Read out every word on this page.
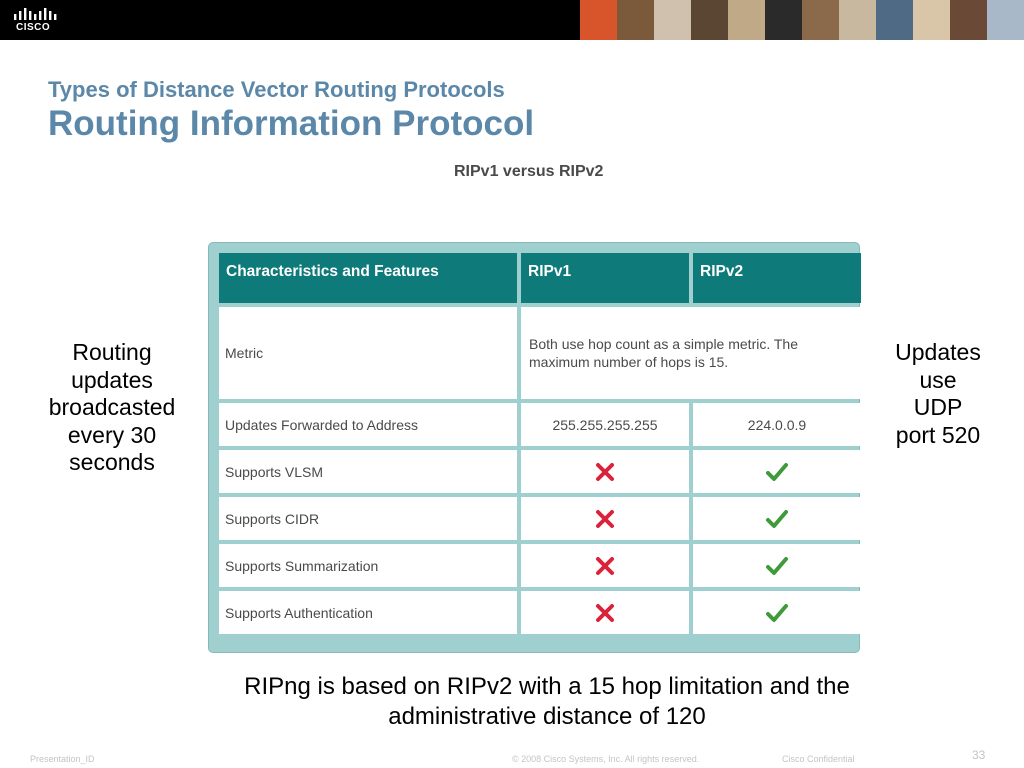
CISCO
Types of Distance Vector Routing Protocols
Routing Information Protocol
RIPv1 versus RIPv2
Routing
updates
broadcasted
every 30
seconds
Updates
use
UDP
port 520
Characteristics and Features	RIPv1	RIPv2
Metric	Both use hop count as a simple metric. The
maximum number of hops is 15.	

Updates Forwarded to Address	255.255.255.255	224.0.0.9
Supports VLSM		
Supports CIDR		
Supports Summarization		
Supports Authentication		
RIPng is based on RIPv2 with a 15 hop limitation and the
administrative distance of 120
Presentation_ID	© 2008 Cisco Systems, Inc. All rights reserved.	Cisco Confidential	33
